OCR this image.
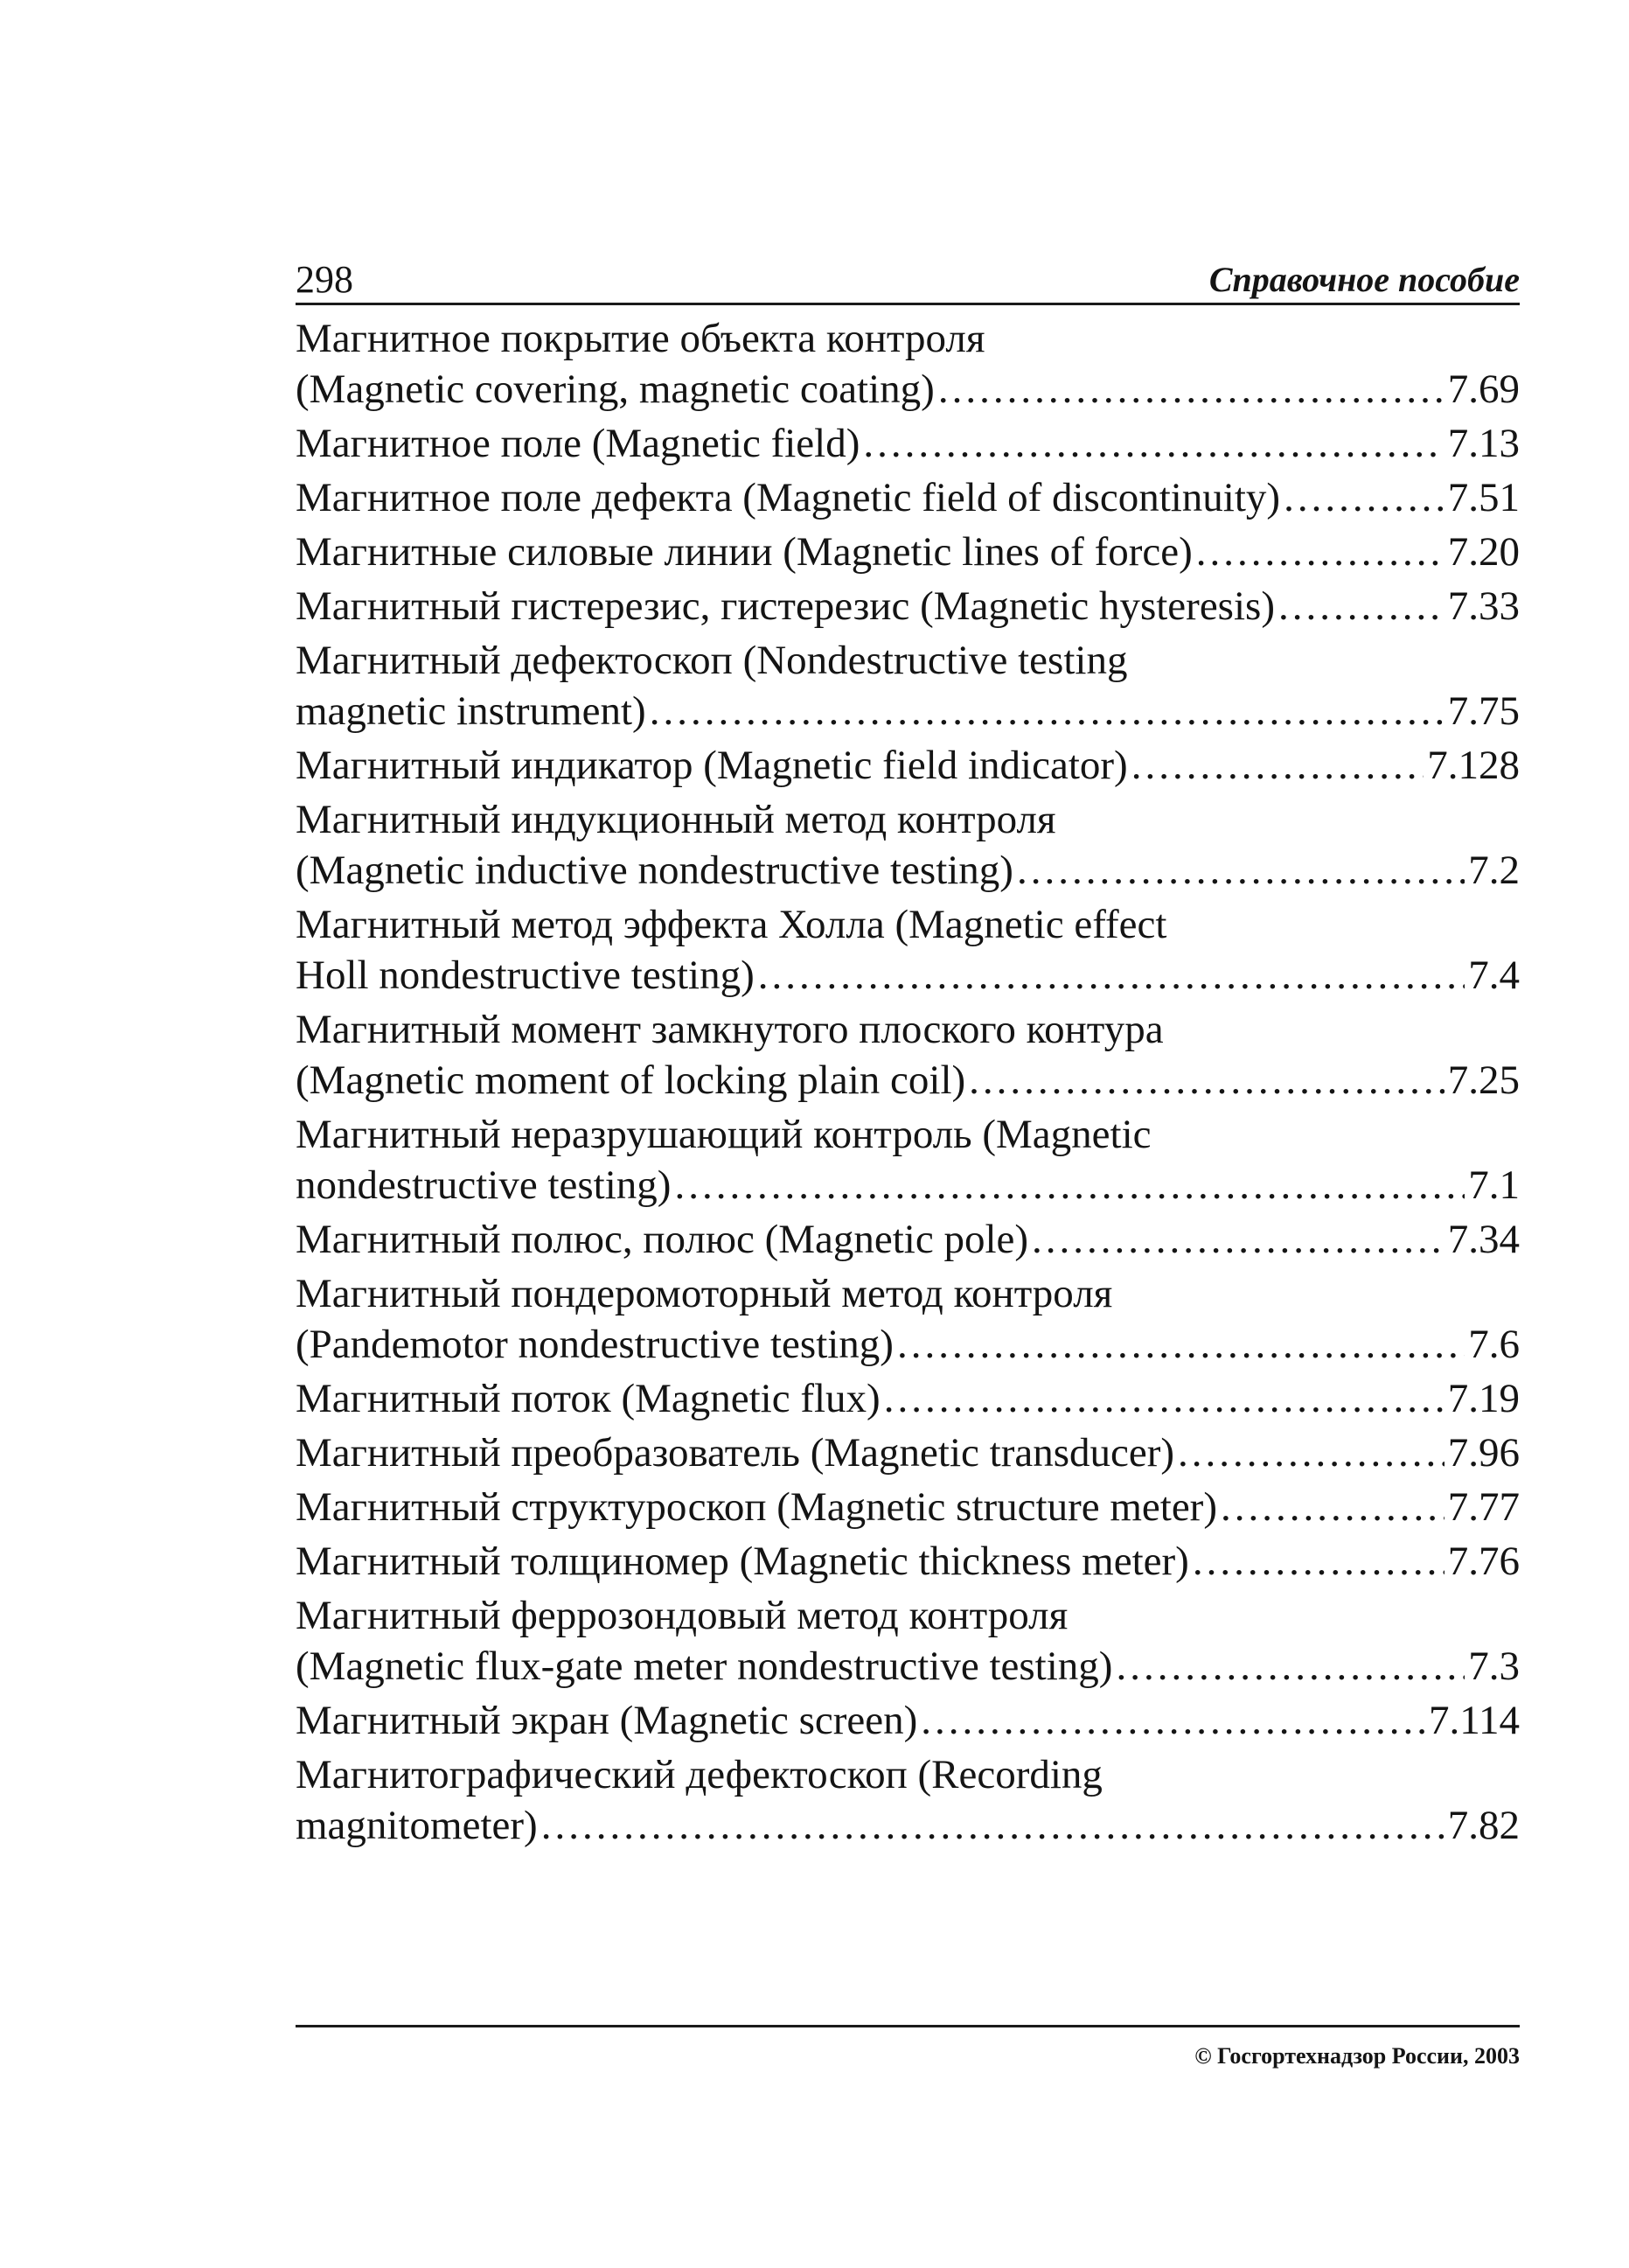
298	Справочное пособие
Магнитное покрытие объекта контроля
(Magnetic covering, magnetic coating) .....	7.69
Магнитное поле (Magnetic field) .....	7.13
Магнитное поле дефекта (Magnetic field of discontinuity) .....	7.51
Магнитные силовые линии (Magnetic lines of force) .....	7.20
Магнитный гистерезис, гистерезис (Magnetic hysteresis) .....	7.33
Магнитный дефектоскоп (Nondestructive testing
magnetic instrument) .....	7.75
Магнитный индикатор (Magnetic field indicator) .....	7.128
Магнитный индукционный метод контроля
(Magnetic inductive nondestructive testing) .....	7.2
Магнитный метод эффекта Холла (Magnetic effect
Holl nondestructive testing) .....	7.4
Магнитный момент замкнутого плоского контура
(Magnetic moment of locking plain coil) .....	7.25
Магнитный неразрушающий контроль (Magnetic
nondestructive testing) .....	7.1
Магнитный полюс, полюс (Magnetic pole) .....	7.34
Магнитный пондеромоторный метод контроля
(Pandemotor nondestructive testing) .....	7.6
Магнитный поток (Magnetic flux) .....	7.19
Магнитный преобразователь (Magnetic transducer) .....	7.96
Магнитный структуроскоп (Magnetic structure meter) .....	7.77
Магнитный толщиномер (Magnetic thickness meter) .....	7.76
Магнитный феррозондовый метод контроля
(Magnetic flux-gate meter nondestructive testing) .....	7.3
Магнитный экран (Magnetic screen) .....	7.114
Магнитографический дефектоскоп (Recording
magnitometer) .....	7.82
© Госгортехнадзор России, 2003
